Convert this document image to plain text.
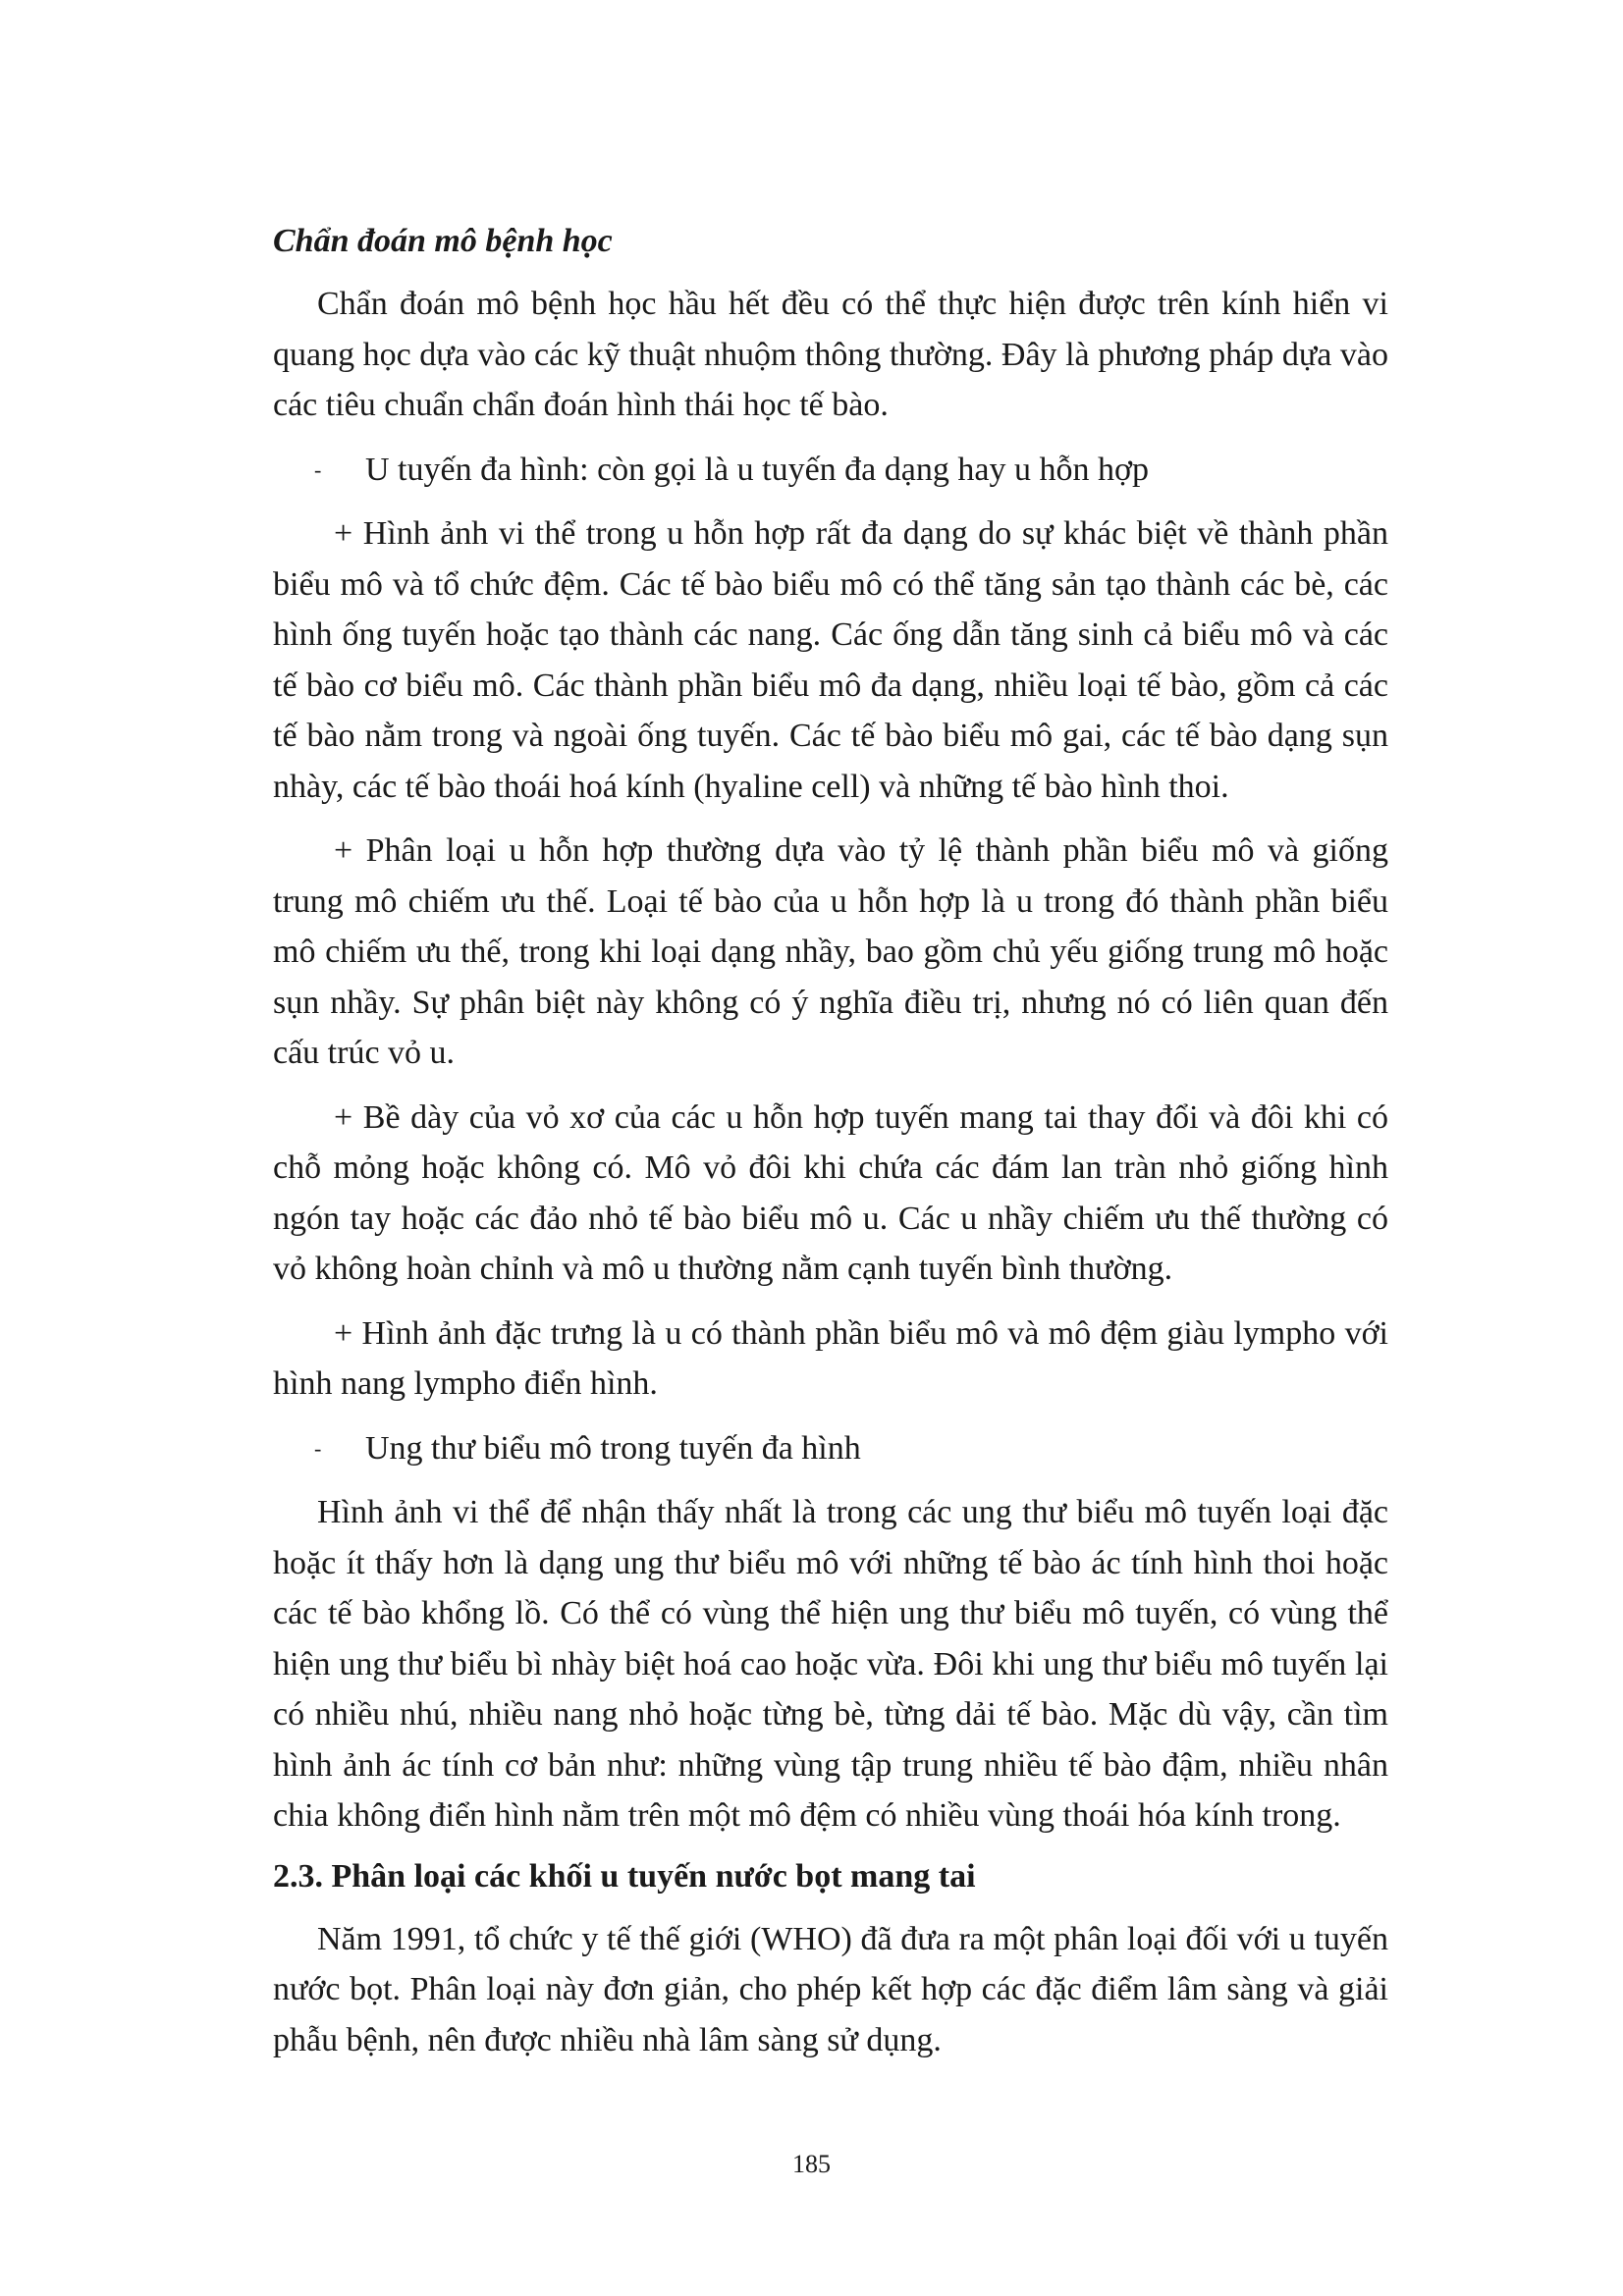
Chẩn đoán mô bệnh học

Chẩn đoán mô bệnh học hầu hết đều có thể thực hiện được trên kính hiển vi quang học dựa vào các kỹ thuật nhuộm thông thường. Đây là phương pháp dựa vào các tiêu chuẩn chẩn đoán hình thái học tế bào.

-	U tuyến đa hình: còn gọi là u tuyến đa dạng hay u hỗn hợp

+ Hình ảnh vi thể trong u hỗn hợp rất đa dạng do sự khác biệt về thành phần biểu mô và tổ chức đệm. Các tế bào biểu mô có thể tăng sản tạo thành các bè, các hình ống tuyến hoặc tạo thành các nang. Các ống dẫn tăng sinh cả biểu mô và các tế bào cơ biểu mô. Các thành phần biểu mô đa dạng, nhiều loại tế bào, gồm cả các tế bào nằm trong và ngoài ống tuyến. Các tế bào biểu mô gai, các tế bào dạng sụn nhày, các tế bào thoái hoá kính (hyaline cell) và những tế bào hình thoi.

+ Phân loại u hỗn hợp thường dựa vào tỷ lệ thành phần biểu mô và giống trung mô chiếm ưu thế. Loại tế bào của u hỗn hợp là u trong đó thành phần biểu mô chiếm ưu thế, trong khi loại dạng nhầy, bao gồm chủ yếu giống trung mô hoặc sụn nhầy. Sự phân biệt này không có ý nghĩa điều trị, nhưng nó có liên quan đến cấu trúc vỏ u.

+ Bề dày của vỏ xơ của các u hỗn hợp tuyến mang tai thay đổi và đôi khi có chỗ mỏng hoặc không có. Mô vỏ đôi khi chứa các đám lan tràn nhỏ giống hình ngón tay hoặc các đảo nhỏ tế bào biểu mô u. Các u nhầy chiếm ưu thế thường có vỏ không hoàn chỉnh và mô u thường nằm cạnh tuyến bình thường.

+ Hình ảnh đặc trưng là u có thành phần biểu mô và mô đệm giàu lympho với hình nang lympho điển hình.

-	Ung thư biểu mô trong tuyến đa hình

Hình ảnh vi thể để nhận thấy nhất là trong các ung thư biểu mô tuyến loại đặc hoặc ít thấy hơn là dạng ung thư biểu mô với những tế bào ác tính hình thoi hoặc các tế bào khổng lồ. Có thể có vùng thể hiện ung thư biểu mô tuyến, có vùng thể hiện ung thư biểu bì nhày biệt hoá cao hoặc vừa. Đôi khi ung thư biểu mô tuyến lại có nhiều nhú, nhiều nang nhỏ hoặc từng bè, từng dải tế bào. Mặc dù vậy, cần tìm hình ảnh ác tính cơ bản như: những vùng tập trung nhiều tế bào đậm, nhiều nhân chia không điển hình nằm trên một mô đệm có nhiều vùng thoái hóa kính trong.

2.3. Phân loại các khối u tuyến nước bọt mang tai

Năm 1991, tổ chức y tế thế giới (WHO) đã đưa ra một phân loại đối với u tuyến nước bọt. Phân loại này đơn giản, cho phép kết hợp các đặc điểm lâm sàng và giải phẫu bệnh, nên được nhiều nhà lâm sàng sử dụng.

185
